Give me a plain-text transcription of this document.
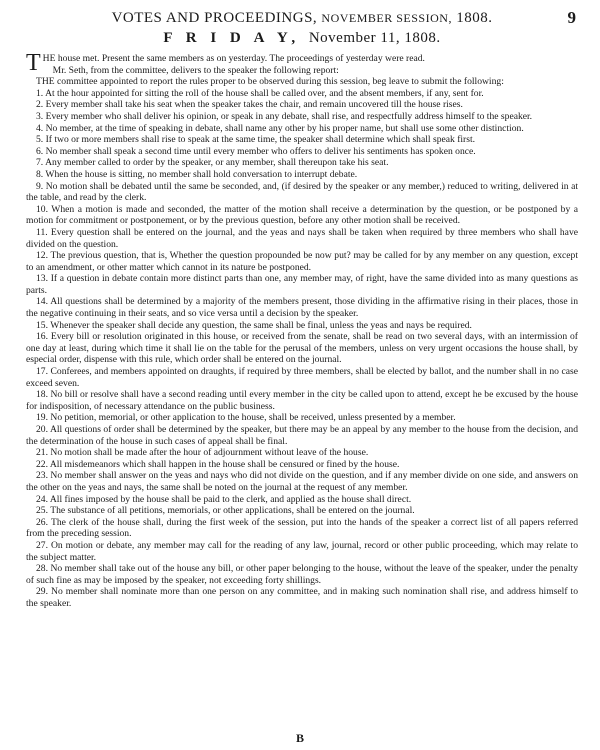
VOTES AND PROCEEDINGS, NOVEMBER SESSION, 1808.	9
F R I D A Y, November 11, 1808.

T HE house met. Present the same members as on yesterday. The proceedings of yesterday were read.

Mr. Seth, from the committee, delivers to the speaker the following report:

THE committee appointed to report the rules proper to be observed during this session, beg leave to submit the following:

1. At the hour appointed for sitting the roll of the house shall be called over, and the absent members, if any, sent for.

2. Every member shall take his seat when the speaker takes the chair, and remain uncovered till the house rises.

3. Every member who shall deliver his opinion, or speak in any debate, shall rise, and respectfully address himself to the speaker.

4. No member, at the time of speaking in debate, shall name any other by his proper name, but shall use some other distinction.

5. If two or more members shall rise to speak at the same time, the speaker shall determine which shall speak first.

6. No member shall speak a second time until every member who offers to deliver his sentiments has spoken once.

7. Any member called to order by the speaker, or any member, shall thereupon take his seat.

8. When the house is sitting, no member shall hold conversation to interrupt debate.

9. No motion shall be debated until the same be seconded, and, (if desired by the speaker or any member,) reduced to writing, delivered in at the table, and read by the clerk.

10. When a motion is made and seconded, the matter of the motion shall receive a determination by the question, or be postponed by a motion for commitment or postponement, or by the previous question, before any other motion shall be received.

11. Every question shall be entered on the journal, and the yeas and nays shall be taken when required by three members who shall have divided on the question.

12. The previous question, that is, Whether the question propounded be now put? may be called for by any member on any question, except to an amendment, or other matter which cannot in its nature be postponed.

13. If a question in debate contain more distinct parts than one, any member may, of right, have the same divided into as many questions as parts.

14. All questions shall be determined by a majority of the members present, those dividing in the affirmative rising in their places, those in the negative continuing in their seats, and so vice versa until a decision by the speaker.

15. Whenever the speaker shall decide any question, the same shall be final, unless the yeas and nays be required.

16. Every bill or resolution originated in this house, or received from the senate, shall be read on two several days, with an intermission of one day at least, during which time it shall lie on the table for the perusal of the members, unless on very urgent occasions the house shall, by especial order, dispense with this rule, which order shall be entered on the journal.

17. Conferees, and members appointed on draughts, if required by three members, shall be elected by ballot, and the number shall in no case exceed seven.

18. No bill or resolve shall have a second reading until every member in the city be called upon to attend, except he be excused by the house for indisposition, of necessary attendance on the public business.

19. No petition, memorial, or other application to the house, shall be received, unless presented by a member.

20. All questions of order shall be determined by the speaker, but there may be an appeal by any member to the house from the decision, and the determination of the house in such cases of appeal shall be final.

21. No motion shall be made after the hour of adjournment without leave of the house.

22. All misdemeanors which shall happen in the house shall be censured or fined by the house.

23. No member shall answer on the yeas and nays who did not divide on the question, and if any member divide on one side, and answers on the other on the yeas and nays, the same shall be noted on the journal at the request of any member.

24. All fines imposed by the house shall be paid to the clerk, and applied as the house shall direct.

25. The substance of all petitions, memorials, or other applications, shall be entered on the journal.

26. The clerk of the house shall, during the first week of the session, put into the hands of the speaker a correct list of all papers referred from the preceding session.

27. On motion or debate, any member may call for the reading of any law, journal, record or other public proceeding, which may relate to the subject matter.

28. No member shall take out of the house any bill, or other paper belonging to the house, without the leave of the speaker, under the penalty of such fine as may be imposed by the speaker, not exceeding forty shillings.

29. No member shall nominate more than one person on any committee, and in making such nomination shall rise, and address himself to the speaker.

B
